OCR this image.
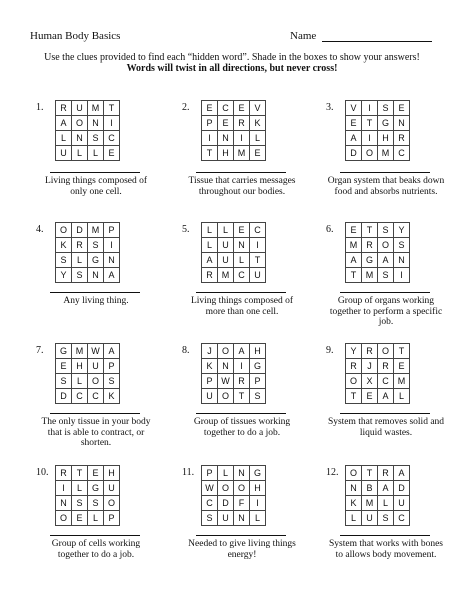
Human Body Basics	Name
Use the clues provided to find each “hidden word”. Shade in the boxes to show your answers!
Words will twist in all directions, but never cross!
1. R	U	M	T
A	O	N	I
L	N	S	C
U	L	L	E
Living things composed of only one cell.
2. E	C	E	V
P	E	R	K
I	N	I	L
T	H	M	E
Tissue that carries messages throughout our bodies.
3. V	I	S	E
E	T	G	N
A	I	H	R
D	O	M	C
Organ system that beaks down food and absorbs nutrients.
4. O	D	M	P
K	R	S	I
S	L	G	N
Y	S	N	A
Any living thing.
5. L	L	E	C
L	U	N	I
A	U	L	T
R	M	C	U
Living things composed of more than one cell.
6. E	T	S	Y
M	R	O	S
A	G	A	N
T	M	S	I
Group of organs working together to perform a specific job.
7. G	M	W	A
E	H	U	P
S	L	O	S
D	C	C	K
The only tissue in your body that is able to contract, or shorten.
8. J	O	A	H
K	N	I	G
P	W	R	P
U	O	T	S
Group of tissues working together to do a job.
9. Y	R	O	T
R	J	R	E
O	X	C	M
T	E	A	L
System that removes solid and liquid wastes.
10. R	T	E	H
I	L	G	U
N	S	S	O
O	E	L	P
Group of cells working together to do a job.
11. P	L	N	G
W	O	O	H
C	D	F	I
S	U	N	L
Needed to give living things energy!
12. O	T	R	A
N	B	A	D
K	M	L	U
L	U	S	C
System that works with bones to allows body movement.
